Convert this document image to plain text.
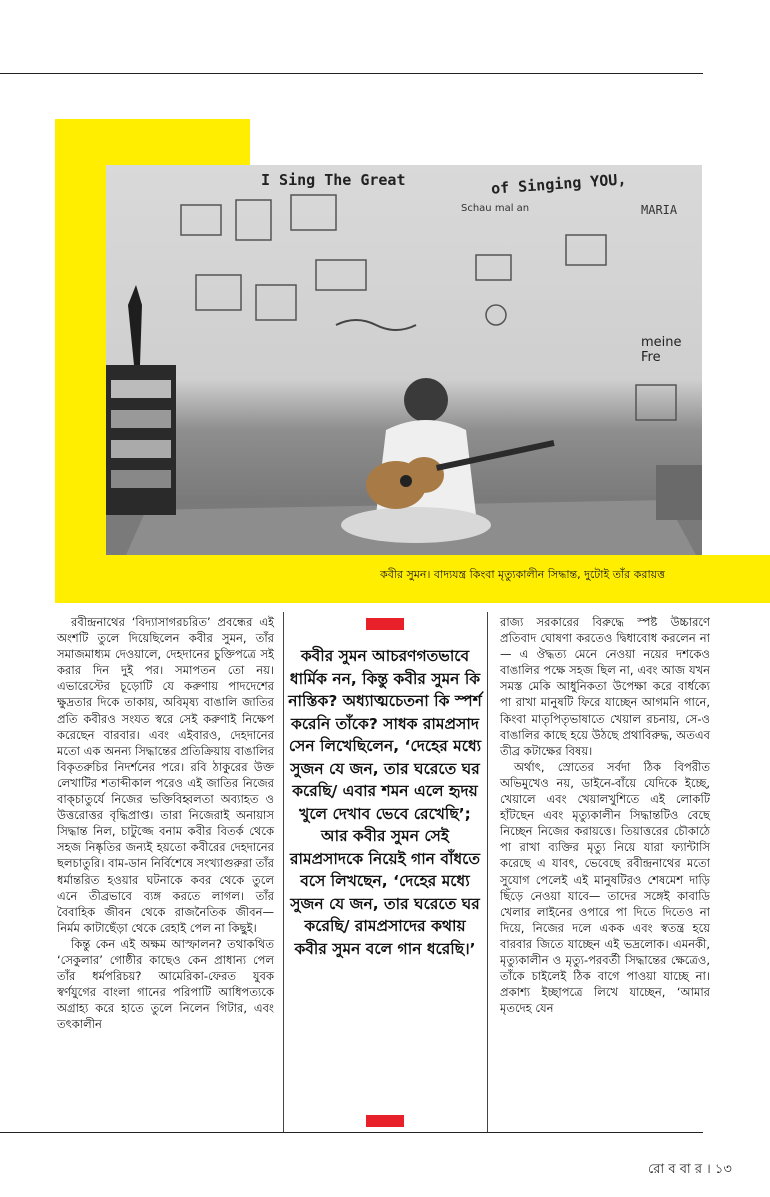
I Sing The Great	of Singing YOU,
Schau mal an	MARIA
meine Fre
কবীর সুমন। বাদ্যযন্ত্র কিংবা মৃত্যুকালীন সিদ্ধান্ত, দুটোই তাঁর করায়ত্ত

রবীন্দ্রনাথের ‘বিদ্যাসাগরচরিত’ প্রবন্ধের এই অংশটি তুলে দিয়েছিলেন কবীর সুমন, তাঁর সমাজমাধ্যম দেওয়ালে, দেহদানের চুক্তিপত্রে সই করার দিন দুই পর। সমাপতন তো নয়। এভারেস্টের চূড়োটি যে করুণায় পাদদেশের ক্ষুদ্রতার দিকে তাকায়, অবিমৃষ্য বাঙালি জাতির প্রতি কবীরও সংযত স্বরে সেই করুণাই নিক্ষেপ করেছেন বারবার। এবং এইবারও, দেহদানের মতো এক অনন্য সিদ্ধান্তের প্রতিক্রিয়ায় বাঙালির বিকৃতরুচির নিদর্শনের পরে। রবি ঠাকুরের উক্ত লেখাটির শতাব্দীকাল পরেও এই জাতির নিজের বাক্চাতুর্যে নিজের ভক্তিবিহ্বলতা অব্যাহত ও উত্তরোত্তর বৃদ্ধিপ্রাপ্ত। তারা নিজেরাই অনায়াস সিদ্ধান্ত নিল, চাটুজ্জে বনাম কবীর বিতর্ক থেকে সহজ নিষ্কৃতির জন্যই হয়তো কবীরের দেহদানের ছলচাতুরি। বাম-ডান নির্বিশেষে সংখ্যাগুরুরা তাঁর ধর্মান্তরিত হওয়ার ঘটনাকে কবর থেকে তুলে এনে তীব্রভাবে ব্যঙ্গ করতে লাগল। তাঁর বৈবাহিক জীবন থেকে রাজনৈতিক জীবন— নির্মম কাটাছেঁড়া থেকে রেহাই পেল না কিছুই।

কিন্তু কেন এই অক্ষম আস্ফালন? তথাকথিত ‘সেকুলার’ গোষ্ঠীর কাছেও কেন প্রাধান্য পেল তাঁর ধর্মপরিচয়? আমেরিকা-ফেরত যুবক স্বর্ণযুগের বাংলা গানের পরিপাটি আধিপত্যকে অগ্রাহ্য করে হাতে তুলে নিলেন গিটার, এবং তৎকালীন

কবীর সুমন আচরণগতভাবে ধার্মিক নন, কিন্তু কবীর সুমন কি নাস্তিক? অধ্যাত্মচেতনা কি স্পর্শ করেনি তাঁকে? সাধক রামপ্রসাদ সেন লিখেছিলেন, ‘দেহের মধ্যে সুজন যে জন, তার ঘরেতে ঘর করেছি/ এবার শমন এলে হৃদয় খুলে দেখাব ভেবে রেখেছি’; আর কবীর সুমন সেই রামপ্রসাদকে নিয়েই গান বাঁধতে বসে লিখছেন, ‘দেহের মধ্যে সুজন যে জন, তার ঘরেতে ঘর করেছি/ রামপ্রসাদের কথায় কবীর সুমন বলে গান ধরেছি।’

রাজ্য সরকারের বিরুদ্ধে স্পষ্ট উচ্চারণে প্রতিবাদ ঘোষণা করতেও দ্বিধাবোধ করলেন না— এ ঔদ্ধত্য মেনে নেওয়া নয়ের দশকেও বাঙালির পক্ষে সহজ ছিল না, এবং আজ যখন সমস্ত মেকি আধুনিকতা উপেক্ষা করে বার্ধক্যে পা রাখা মানুষটি ফিরে যাচ্ছেন আগমনি গানে, কিংবা মাতৃপিতৃভাষাতে খেয়াল রচনায়, সে-ও বাঙালির কাছে হয়ে উঠছে প্রথাবিরুদ্ধ, অতএব তীব্র কটাক্ষের বিষয়।

অর্থাৎ, স্রোতের সর্বদা ঠিক বিপরীত অভিমুখেও নয়, ডাইনে-বাঁয়ে যেদিকে ইচ্ছে, খেয়ালে এবং খেয়ালখুশিতে এই লোকটি হাঁটছেন এবং মৃত্যুকালীন সিদ্ধান্তটিও বেছে নিচ্ছেন নিজের করায়ত্তে। তিয়াত্তরের চৌকাঠে পা রাখা ব্যক্তির মৃত্যু নিয়ে যারা ফ্যান্টাসি করেছে এ যাবৎ, ভেবেছে রবীন্দ্রনাথের মতো সুযোগ পেলেই এই মানুষটিরও শেষমেশ দাড়ি ছিঁড়ে নেওয়া যাবে— তাদের সঙ্গেই কাবাডি খেলার লাইনের ওপারে পা দিতে দিতেও না দিয়ে, নিজের দলে একক এবং স্বতন্ত্র হয়ে বারবার জিতে যাচ্ছেন এই ভদ্রলোক। এমনকী, মৃত্যুকালীন ও মৃত্যু-পরবর্তী সিদ্ধান্তের ক্ষেত্রেও, তাঁকে চাইলেই ঠিক বাগে পাওয়া যাচ্ছে না। প্রকাশ্য ইচ্ছাপত্রে লিখে যাচ্ছেন, ‘আমার মৃতদেহ যেন

রো ব বা র । ১৩
